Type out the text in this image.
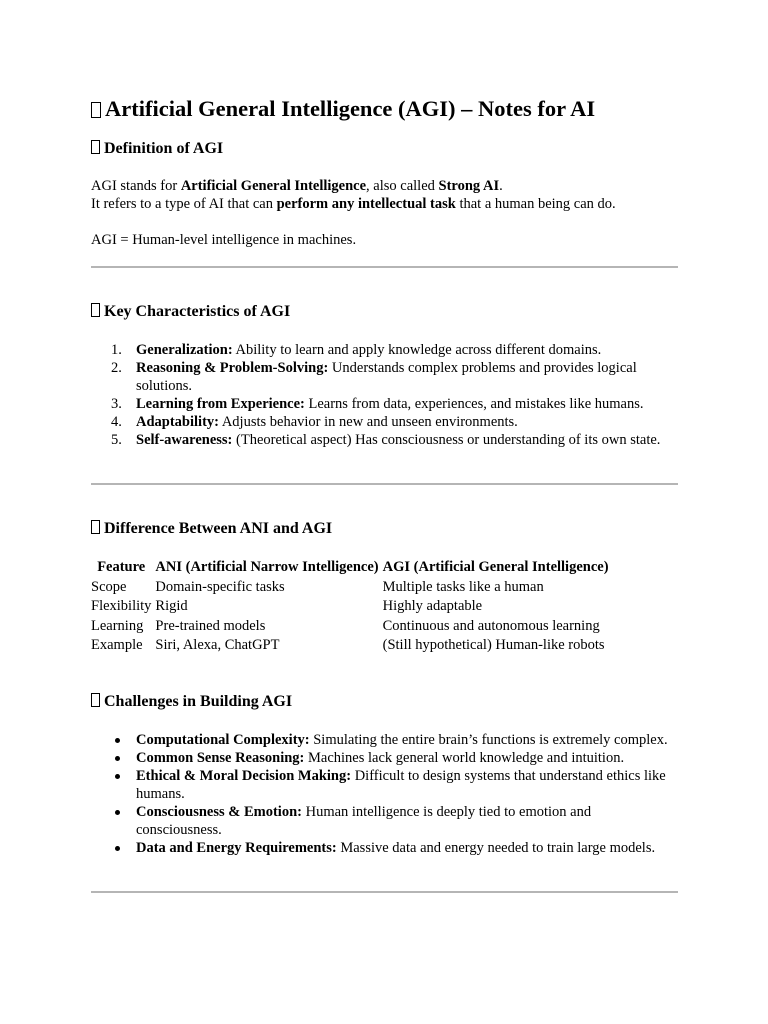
Artificial General Intelligence (AGI) – Notes for AI
Definition of AGI

AGI stands for Artificial General Intelligence, also called Strong AI.

It refers to a type of AI that can perform any intellectual task that a human being can do.

AGI = Human-level intelligence in machines.

Key Characteristics of AGI
1. Generalization: Ability to learn and apply knowledge across different domains.
2. Reasoning & Problem-Solving: Understands complex problems and provides logical solutions.
3. Learning from Experience: Learns from data, experiences, and mistakes like humans.
4. Adaptability: Adjusts behavior in new and unseen environments.
5. Self-awareness: (Theoretical aspect) Has consciousness or understanding of its own state.
Difference Between ANI and AGI
Feature	ANI (Artificial Narrow Intelligence)	AGI (Artificial General Intelligence)
Scope	Domain-specific tasks	Multiple tasks like a human
Flexibility	Rigid	Highly adaptable
Learning	Pre-trained models	Continuous and autonomous learning
Example	Siri, Alexa, ChatGPT	(Still hypothetical) Human-like robots
Challenges in Building AGI
Computational Complexity: Simulating the entire brain’s functions is extremely complex.
Common Sense Reasoning: Machines lack general world knowledge and intuition.
Ethical & Moral Decision Making: Difficult to design systems that understand ethics like humans.
Consciousness & Emotion: Human intelligence is deeply tied to emotion and consciousness.
Data and Energy Requirements: Massive data and energy needed to train large models.
